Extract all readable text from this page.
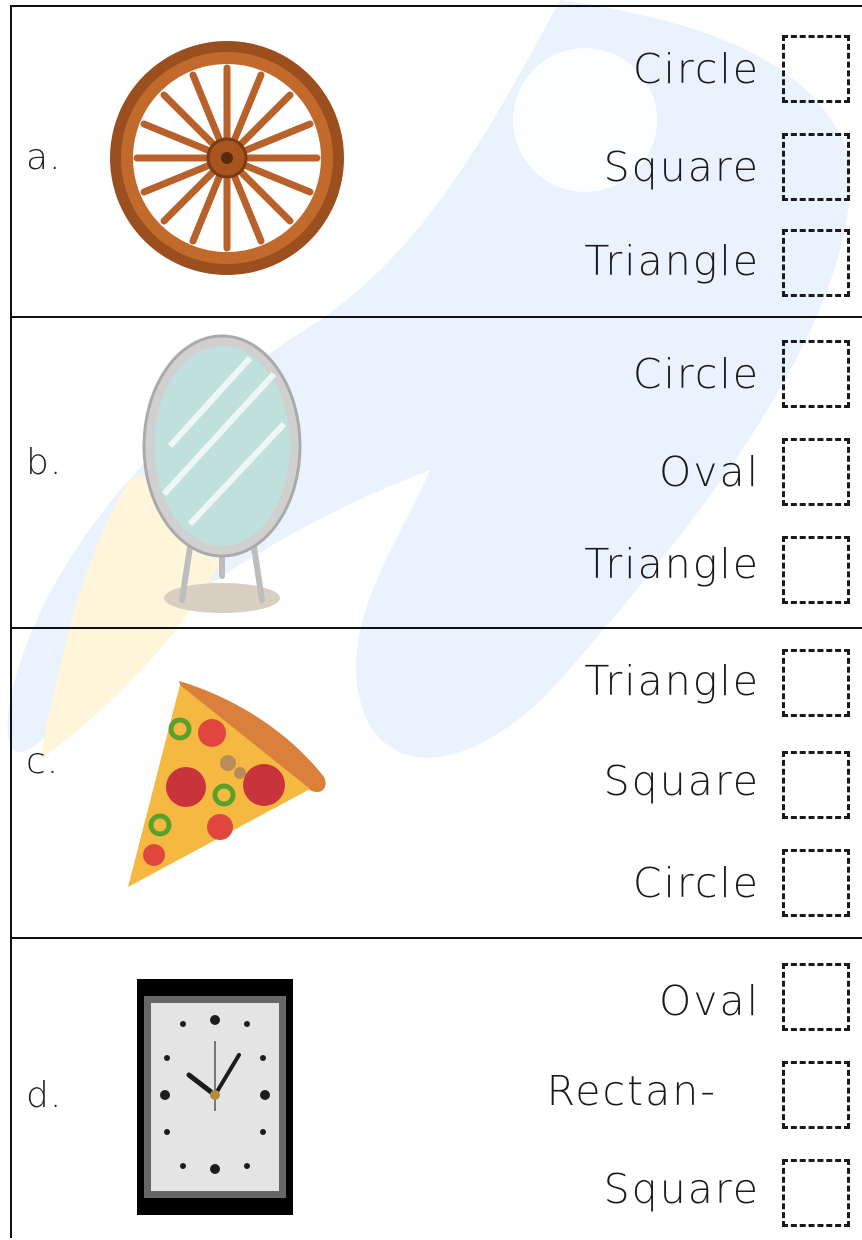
a.
Circle
Square
Triangle
b.
Circle
Oval
Triangle
c.
Triangle
Square
Circle
d.
Oval
Rectan-
Square
